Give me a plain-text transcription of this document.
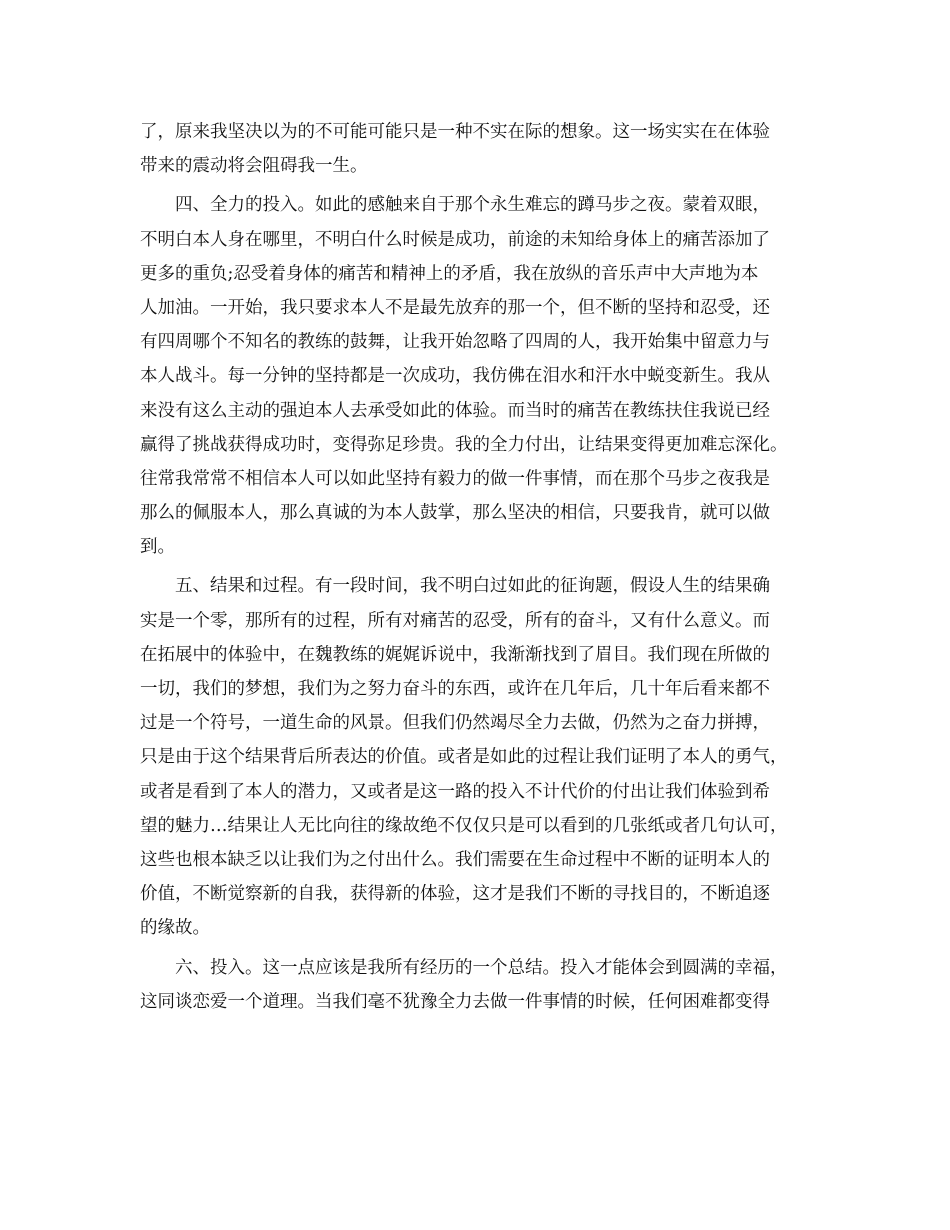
了，原来我坚决以为的不可能可能只是一种不实在际的想象。这一场实实在在体验
带来的震动将会阻碍我一生。
　　四、全力的投入。如此的感触来自于那个永生难忘的蹲马步之夜。蒙着双眼，
不明白本人身在哪里，不明白什么时候是成功，前途的未知给身体上的痛苦添加了
更多的重负;忍受着身体的痛苦和精神上的矛盾，我在放纵的音乐声中大声地为本
人加油。一开始，我只要求本人不是最先放弃的那一个，但不断的坚持和忍受，还
有四周哪个不知名的教练的鼓舞，让我开始忽略了四周的人，我开始集中留意力与
本人战斗。每一分钟的坚持都是一次成功，我仿佛在泪水和汗水中蜕变新生。我从
来没有这么主动的强迫本人去承受如此的体验。而当时的痛苦在教练扶住我说已经
赢得了挑战获得成功时，变得弥足珍贵。我的全力付出，让结果变得更加难忘深化。
往常我常常不相信本人可以如此坚持有毅力的做一件事情，而在那个马步之夜我是
那么的佩服本人，那么真诚的为本人鼓掌，那么坚决的相信，只要我肯，就可以做
到。
　　五、结果和过程。有一段时间，我不明白过如此的征询题，假设人生的结果确
实是一个零，那所有的过程，所有对痛苦的忍受，所有的奋斗，又有什么意义。而
在拓展中的体验中，在魏教练的娓娓诉说中，我渐渐找到了眉目。我们现在所做的
一切，我们的梦想，我们为之努力奋斗的东西，或许在几年后，几十年后看来都不
过是一个符号，一道生命的风景。但我们仍然竭尽全力去做，仍然为之奋力拼搏，
只是由于这个结果背后所表达的价值。或者是如此的过程让我们证明了本人的勇气，
或者是看到了本人的潜力，又或者是这一路的投入不计代价的付出让我们体验到希
望的魅力…结果让人无比向往的缘故绝不仅仅只是可以看到的几张纸或者几句认可，
这些也根本缺乏以让我们为之付出什么。我们需要在生命过程中不断的证明本人的
价值，不断觉察新的自我，获得新的体验，这才是我们不断的寻找目的，不断追逐
的缘故。
　　六、投入。这一点应该是我所有经历的一个总结。投入才能体会到圆满的幸福，
这同谈恋爱一个道理。当我们毫不犹豫全力去做一件事情的时候，任何困难都变得
